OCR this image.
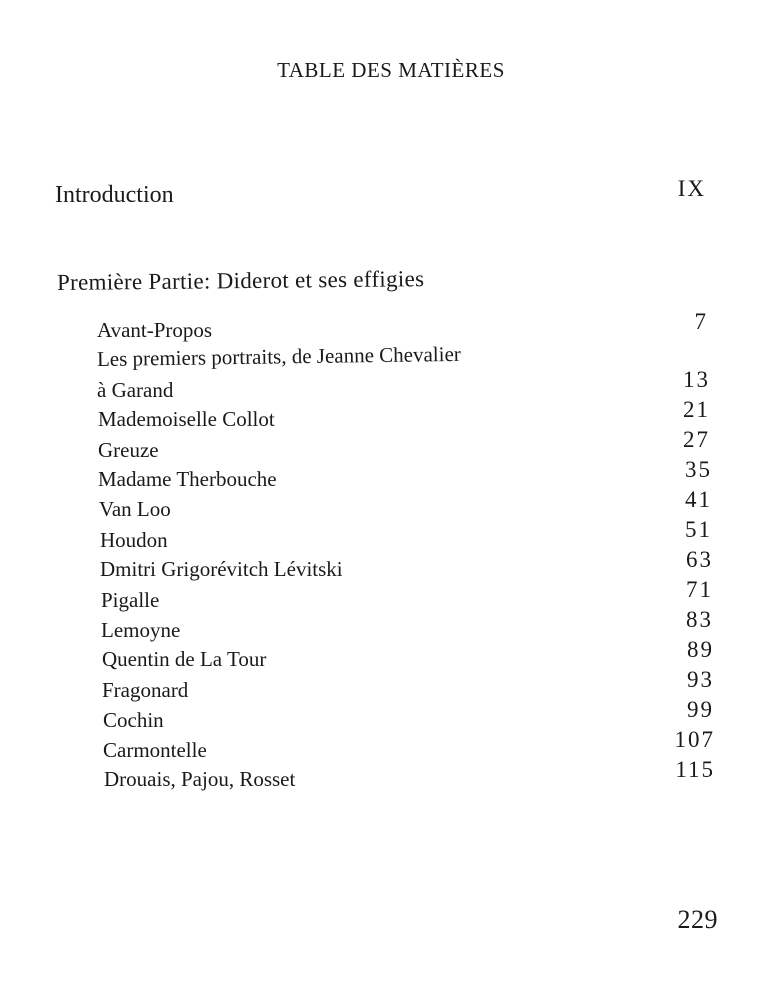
TABLE DES MATIÈRES
Introduction	IX
Première Partie: Diderot et ses effigies
Avant-Propos	7
Les premiers portraits, de Jeanne Chevalier
à Garand	13
Mademoiselle Collot	21
Greuze	27
Madame Therbouche	35
Van Loo	41
Houdon	51
Dmitri Grigorévitch Lévitski	63
Pigalle	71
Lemoyne	83
Quentin de La Tour	89
Fragonard	93
Cochin	99
Carmontelle	107
Drouais, Pajou, Rosset	115
229
